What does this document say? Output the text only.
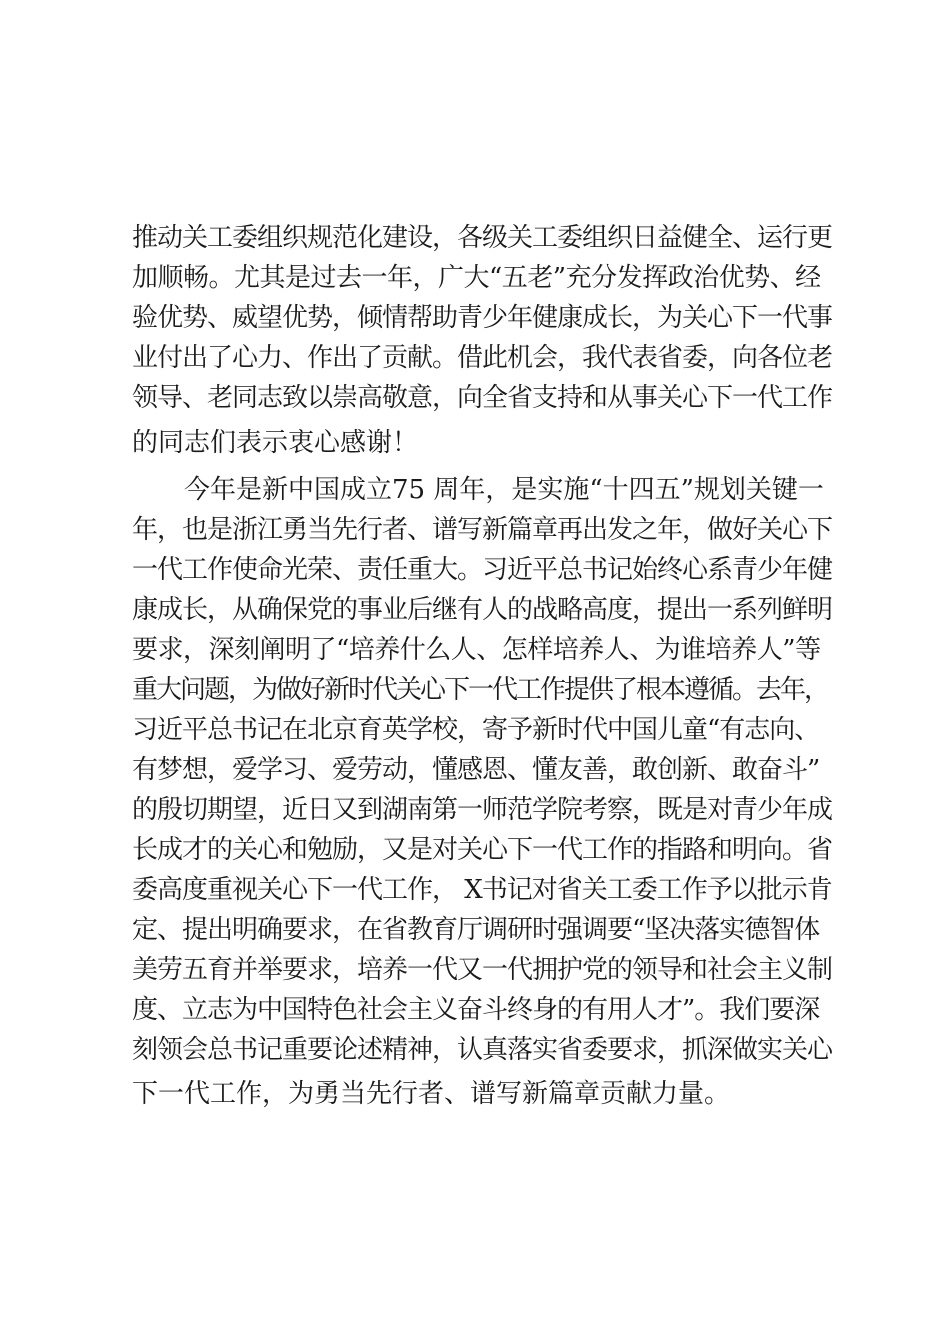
推动关工委组织规范化建设，各级关工委组织日益健全、运行更
加顺畅。尤其是过去一年，广大“五老”充分发挥政治优势、经
验优势、威望优势，倾情帮助青少年健康成长，为关心下一代事
业付出了心力、作出了贡献。借此机会，我代表省委，向各位老
领导、老同志致以崇高敬意，向全省支持和从事关心下一代工作
的同志们表示衷心感谢！
今年是新中国成立75 周年，是实施“十四五”规划关键一
年，也是浙江勇当先行者、谱写新篇章再出发之年，做好关心下
一代工作使命光荣、责任重大。习近平总书记始终心系青少年健
康成长，从确保党的事业后继有人的战略高度，提出一系列鲜明
要求，深刻阐明了“培养什么人、怎样培养人、为谁培养人”等
重大问题，为做好新时代关心下一代工作提供了根本遵循。去年，
习近平总书记在北京育英学校，寄予新时代中国儿童“有志向、
有梦想，爱学习、爱劳动，懂感恩、懂友善，敢创新、敢奋斗”
的殷切期望，近日又到湖南第一师范学院考察，既是对青少年成
长成才的关心和勉励，又是对关心下一代工作的指路和明向。省
委高度重视关心下一代工作， X书记对省关工委工作予以批示肯
定、提出明确要求，在省教育厅调研时强调要“坚决落实德智体
美劳五育并举要求，培养一代又一代拥护党的领导和社会主义制
度、立志为中国特色社会主义奋斗终身的有用人才”。我们要深
刻领会总书记重要论述精神，认真落实省委要求，抓深做实关心
下一代工作，为勇当先行者、谱写新篇章贡献力量。
